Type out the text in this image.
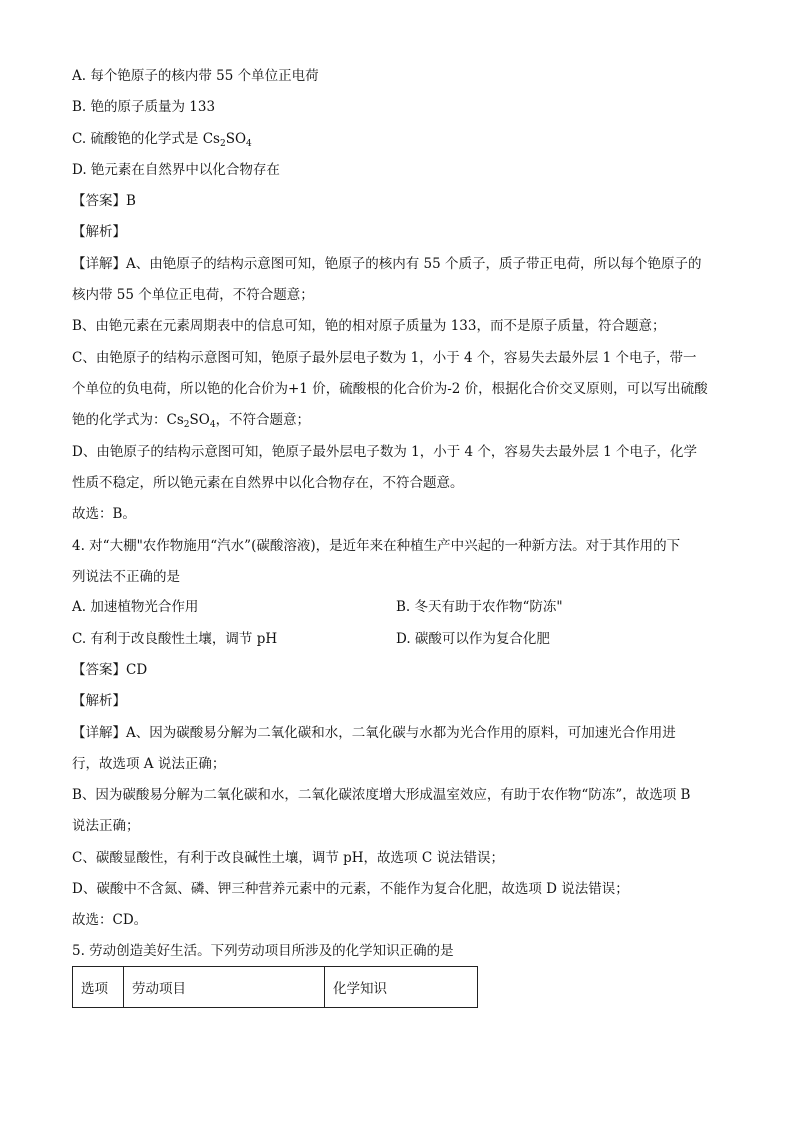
A. 每个铯原子的核内带 55 个单位正电荷
B. 铯的原子质量为 133
C. 硫酸铯的化学式是 $Cs_2SO_4$
D. 铯元素在自然界中以化合物存在
【答案】B
【解析】
【详解】A、由铯原子的结构示意图可知，铯原子的核内有 55 个质子，质子带正电荷，所以每个铯原子的
核内带 55 个单位正电荷，不符合题意；
B、由铯元素在元素周期表中的信息可知，铯的相对原子质量为 133，而不是原子质量，符合题意；
C、由铯原子的结构示意图可知，铯原子最外层电子数为 1，小于 4 个，容易失去最外层 1 个电子，带一
个单位的负电荷，所以铯的化合价为+1 价，硫酸根的化合价为-2 价，根据化合价交叉原则，可以写出硫酸
铯的化学式为：$Cs_2SO_4$，不符合题意；
D、由铯原子的结构示意图可知，铯原子最外层电子数为 1，小于 4 个，容易失去最外层 1 个电子，化学
性质不稳定，所以铯元素在自然界中以化合物存在，不符合题意。
故选：B。
4. 对“大棚"农作物施用“汽水”(碳酸溶液)，是近年来在种植生产中兴起的一种新方法。对于其作用的下
列说法不正确的是
A. 加速植物光合作用	B. 冬天有助于农作物“防冻"
C. 有利于改良酸性土壤，调节 pH	D. 碳酸可以作为复合化肥
【答案】CD
【解析】
【详解】A、因为碳酸易分解为二氧化碳和水，二氧化碳与水都为光合作用的原料，可加速光合作用进
行，故选项 A 说法正确；
B、因为碳酸易分解为二氧化碳和水，二氧化碳浓度增大形成温室效应，有助于农作物“防冻”，故选项 B
说法正确；
C、碳酸显酸性，有利于改良碱性土壤，调节 pH，故选项 C 说法错误；
D、碳酸中不含氮、磷、钾三种营养元素中的元素，不能作为复合化肥，故选项 D 说法错误；
故选：CD。
5. 劳动创造美好生活。下列劳动项目所涉及的化学知识正确的是
选项	劳动项目	化学知识
